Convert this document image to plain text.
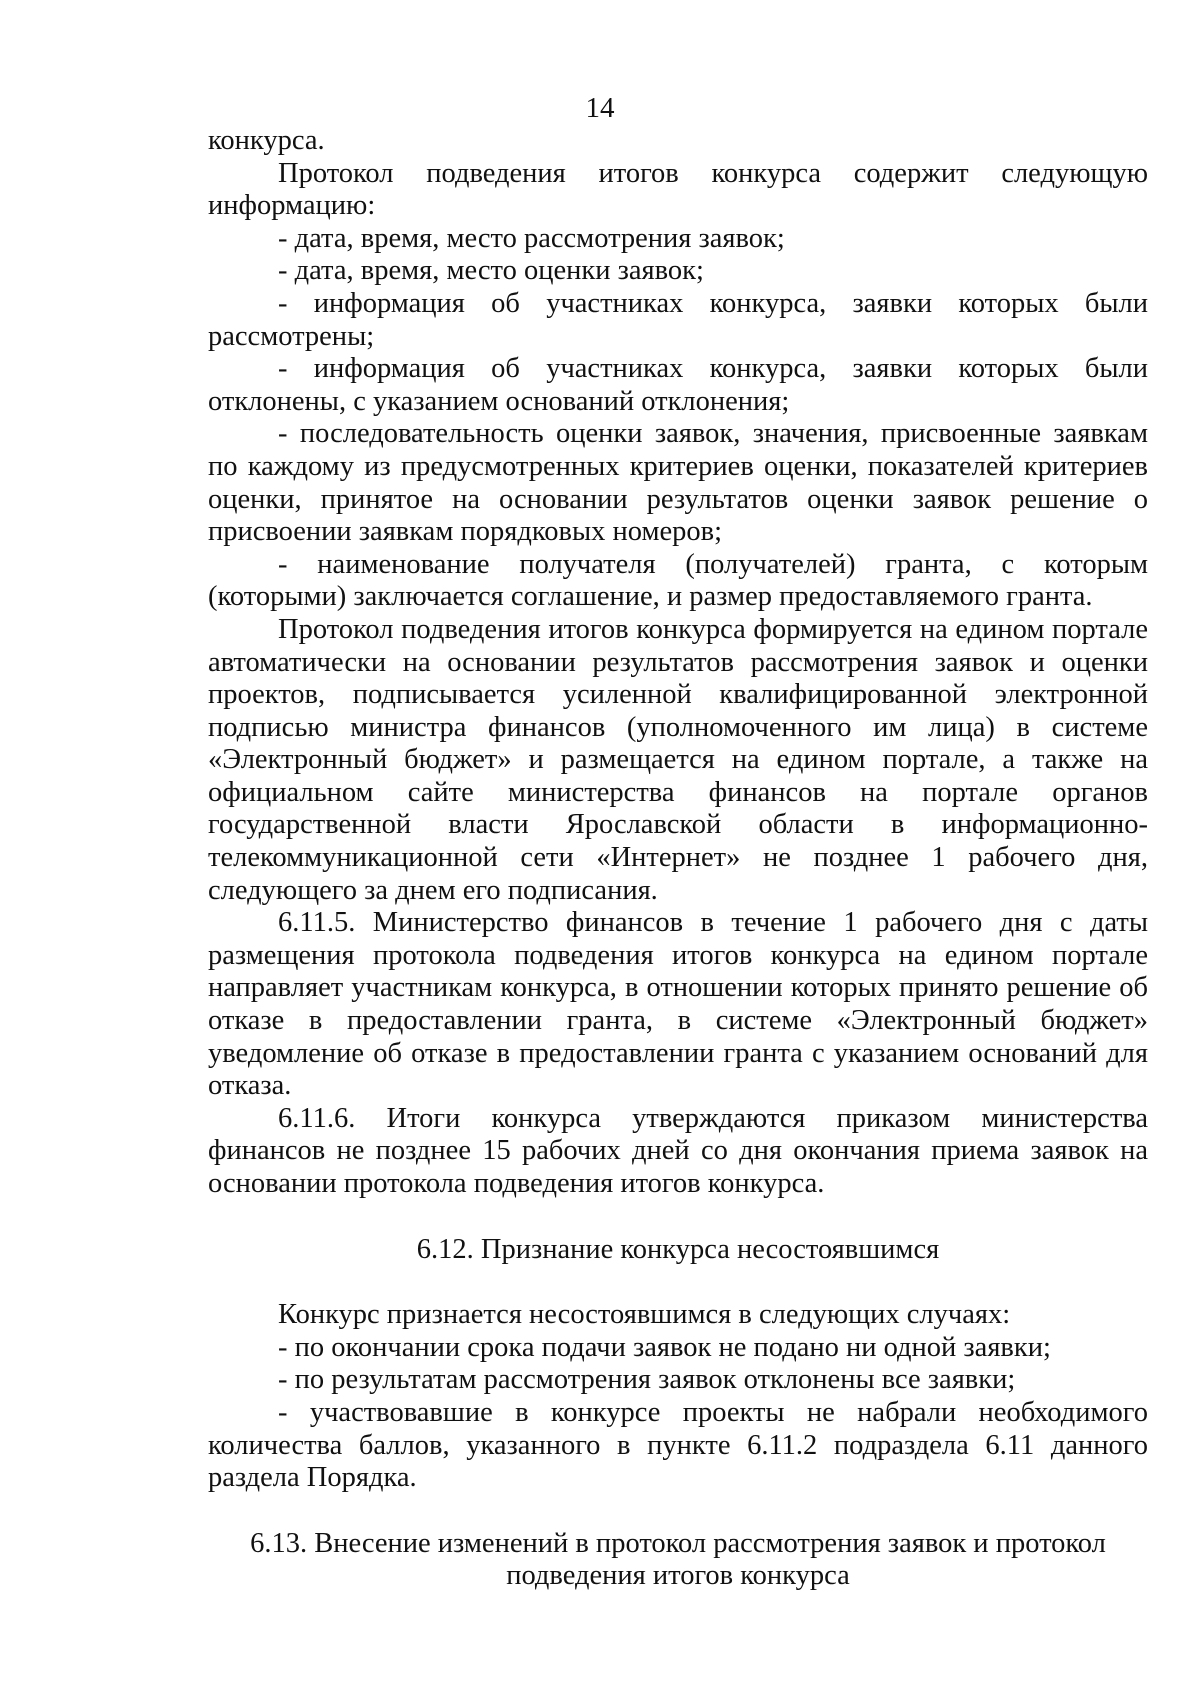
14

конкурса.

Протокол подведения итогов конкурса содержит следующую информацию:

- дата, время, место рассмотрения заявок;

- дата, время, место оценки заявок;

- информация об участниках конкурса, заявки которых были рассмотрены;

- информация об участниках конкурса, заявки которых были отклонены, с указанием оснований отклонения;

- последовательность оценки заявок, значения, присвоенные заявкам по каждому из предусмотренных критериев оценки, показателей критериев оценки, принятое на основании результатов оценки заявок решение о присвоении заявкам порядковых номеров;

- наименование получателя (получателей) гранта, с которым (которыми) заключается соглашение, и размер предоставляемого гранта.

Протокол подведения итогов конкурса формируется на едином портале автоматически на основании результатов рассмотрения заявок и оценки проектов, подписывается усиленной квалифицированной электронной подписью министра финансов (уполномоченного им лица) в системе «Электронный бюджет» и размещается на едином портале, а также на официальном сайте министерства финансов на портале органов государственной власти Ярославской области в информационно-телекоммуникационной сети «Интернет» не позднее 1 рабочего дня, следующего за днем его подписания.

6.11.5. Министерство финансов в течение 1 рабочего дня с даты размещения протокола подведения итогов конкурса на едином портале направляет участникам конкурса, в отношении которых принято решение об отказе в предоставлении гранта, в системе «Электронный бюджет» уведомление об отказе в предоставлении гранта с указанием оснований для отказа.

6.11.6. Итоги конкурса утверждаются приказом министерства финансов не позднее 15 рабочих дней со дня окончания приема заявок на основании протокола подведения итогов конкурса.

6.12. Признание конкурса несостоявшимся

Конкурс признается несостоявшимся в следующих случаях:

- по окончании срока подачи заявок не подано ни одной заявки;

- по результатам рассмотрения заявок отклонены все заявки;

- участвовавшие в конкурсе проекты не набрали необходимого количества баллов, указанного в пункте 6.11.2 подраздела 6.11 данного раздела Порядка.

6.13. Внесение изменений в протокол рассмотрения заявок и протокол
подведения итогов конкурса
